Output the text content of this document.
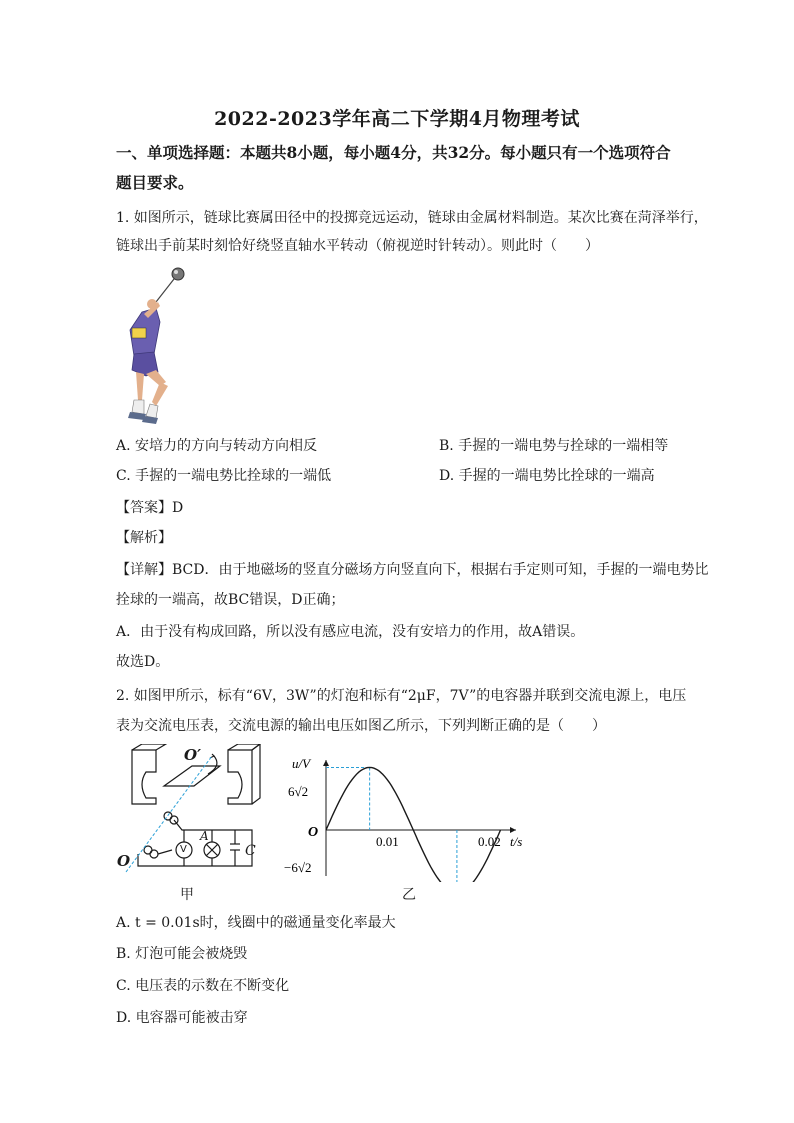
2022-2023学年高二下学期4月物理考试
一、单项选择题：本题共8小题，每小题4分，共32分。每小题只有一个选项符合
题目要求。
1. 如图所示，链球比赛属田径中的投掷竞远运动，链球由金属材料制造。某次比赛在菏泽举行，
链球出手前某时刻恰好绕竖直轴水平转动（俯视逆时针转动）。则此时（　　）
A. 安培力的方向与转动方向相反	B. 手握的一端电势与拴球的一端相等
C. 手握的一端电势比拴球的一端低	D. 手握的一端电势比拴球的一端高
【答案】D
【解析】
【详解】BCD．由于地磁场的竖直分磁场方向竖直向下，根据右手定则可知，手握的一端电势比
拴球的一端高，故BC错误，D正确；
A．由于没有构成回路，所以没有感应电流，没有安培力的作用，故A错误。
故选D。
2. 如图甲所示，标有“6V，3W”的灯泡和标有“2μF，7V”的电容器并联到交流电源上，电压
表为交流电压表，交流电源的输出电压如图乙所示，下列判断正确的是（　　）
O′
O
A
C
V
甲
u/V
t/s
O
6√2
−6√2
0.01	0.02
乙
A. t = 0.01s时，线圈中的磁通量变化率最大
B. 灯泡可能会被烧毁
C. 电压表的示数在不断变化
D. 电容器可能被击穿
